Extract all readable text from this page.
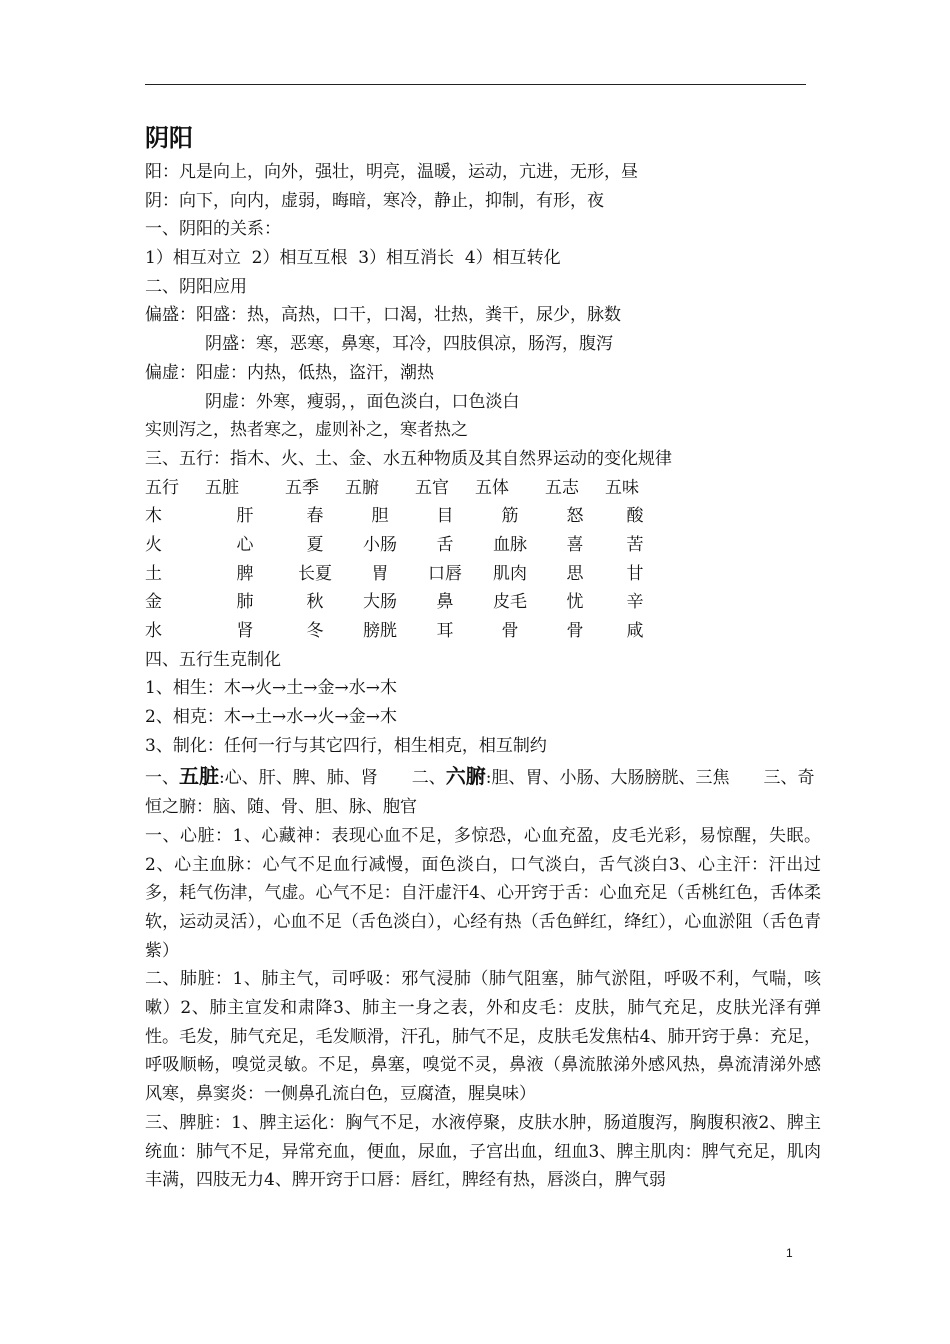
阴阳
阳：凡是向上，向外，强壮，明亮，温暖，运动，亢进，无形，昼
阴：向下，向内，虚弱，晦暗，寒冷，静止，抑制，有形，夜
一、阴阳的关系：
1）相互对立  2）相互互根  3）相互消长  4）相互转化
二、阴阳应用
偏盛：阳盛：热，高热，口干，口渴，壮热，粪干，尿少，脉数
阴盛：寒，恶寒，鼻寒，耳冷，四肢俱凉，肠泻，腹泻
偏虚：阳虚：内热，低热，盗汗，潮热
阴虚：外寒，瘦弱，，面色淡白，口色淡白
实则泻之，热者寒之，虚则补之，寒者热之
三、五行：指木、火、土、金、水五种物质及其自然界运动的变化规律
五行	五脏	五季	五腑	五官	五体	五志	五味
木	肝	春	胆	目	筋	怒	酸
火	心	夏	小肠	舌	血脉	喜	苦
土	脾	长夏	胃	口唇	肌肉	思	甘
金	肺	秋	大肠	鼻	皮毛	忧	辛
水	肾	冬	膀胱	耳	骨	骨	咸
四、五行生克制化
1、相生：木→火→土→金→水→木
2、相克：木→土→水→火→金→木
3、制化：任何一行与其它四行，相生相克，相互制约
一、五脏:心、肝、脾、肺、肾 二、六腑:胆、胃、小肠、大肠膀胱、三焦 三、奇
恒之腑：脑、随、骨、胆、脉、胞官
一、心脏：1、心藏神：表现心血不足，多惊恐，心血充盈，皮毛光彩，易惊醒，失眠。2、心主血脉：心气不足血行减慢，面色淡白，口气淡白，舌气淡白3、心主汗：汗出过多，耗气伤津，气虚。心气不足：自汗虚汗4、心开窍于舌：心血充足（舌桃红色，舌体柔软，运动灵活），心血不足（舌色淡白），心经有热（舌色鲜红，绛红），心血淤阻（舌色青紫）
二、肺脏：1、肺主气，司呼吸：邪气浸肺（肺气阻塞，肺气淤阻，呼吸不利，气喘，咳嗽）2、肺主宣发和肃降3、肺主一身之表，外和皮毛：皮肤，肺气充足，皮肤光泽有弹性。毛发，肺气充足，毛发顺滑，汗孔，肺气不足，皮肤毛发焦枯4、肺开窍于鼻：充足，呼吸顺畅，嗅觉灵敏。不足，鼻塞，嗅觉不灵，鼻液（鼻流脓涕外感风热，鼻流清涕外感风寒，鼻窦炎：一侧鼻孔流白色，豆腐渣，腥臭味）
三、脾脏：1、脾主运化：胸气不足，水液停聚，皮肤水肿，肠道腹泻，胸腹积液2、脾主统血：肺气不足，异常充血，便血，尿血，子宫出血，纽血3、脾主肌肉：脾气充足，肌肉丰满，四肢无力4、脾开窍于口唇：唇红，脾经有热，唇淡白，脾气弱
1
